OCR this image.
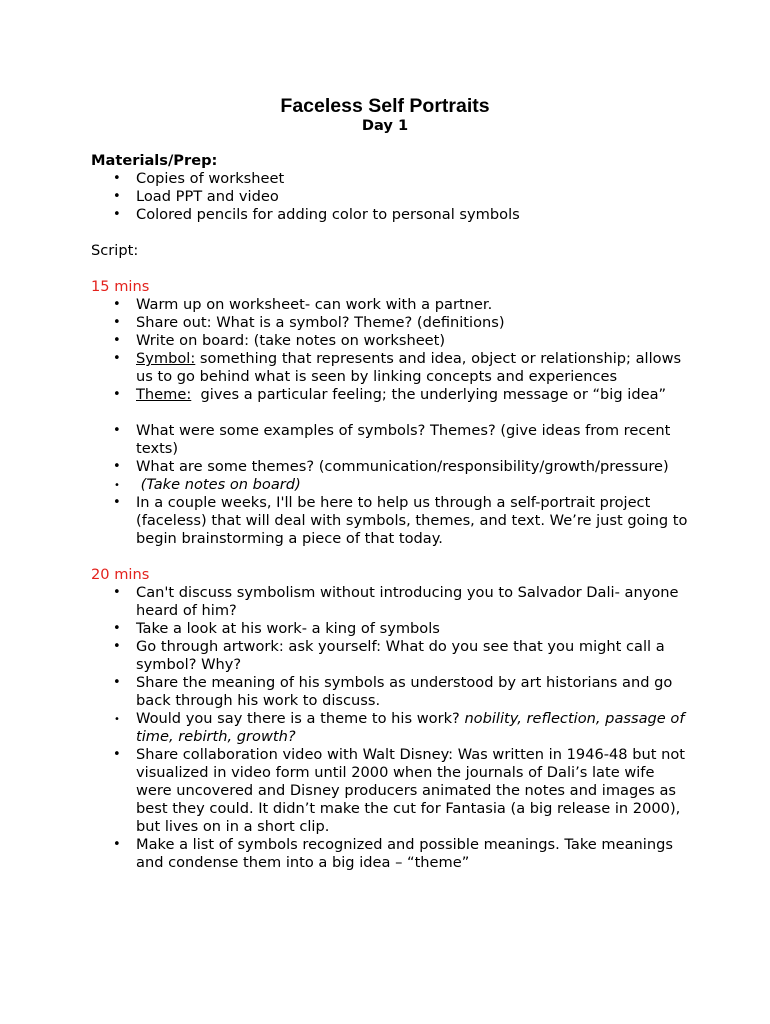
Faceless Self Portraits
Day 1

Materials/Prep:

• Copies of worksheet
• Load PPT and video
• Colored pencils for adding color to personal symbols

Script:

15 mins

• Warm up on worksheet- can work with a partner.
• Share out: What is a symbol? Theme? (definitions)
• Write on board: (take notes on worksheet)
• Symbol: something that represents and idea, object or relationship; allows us to go behind what is seen by linking concepts and experiences
• Theme:  gives a particular feeling; the underlying message or “big idea”
• What were some examples of symbols? Themes? (give ideas from recent texts)
• What are some themes? (communication/responsibility/growth/pressure)
•	(Take notes on board)
• In a couple weeks, I'll be here to help us through a self-portrait project (faceless) that will deal with symbols, themes, and text. We’re just going to begin brainstorming a piece of that today.

20 mins

• Can't discuss symbolism without introducing you to Salvador Dali- anyone heard of him?
• Take a look at his work- a king of symbols
• Go through artwork: ask yourself: What do you see that you might call a symbol? Why?
• Share the meaning of his symbols as understood by art historians and go back through his work to discuss.
•	Would you say there is a theme to his work? nobility, reflection, passage of time, rebirth, growth?
• Share collaboration video with Walt Disney: Was written in 1946-48 but not visualized in video form until 2000 when the journals of Dali’s late wife were uncovered and Disney producers animated the notes and images as best they could. It didn’t make the cut for Fantasia (a big release in 2000), but lives on in a short clip.
• Make a list of symbols recognized and possible meanings. Take meanings and condense them into a big idea – “theme”
